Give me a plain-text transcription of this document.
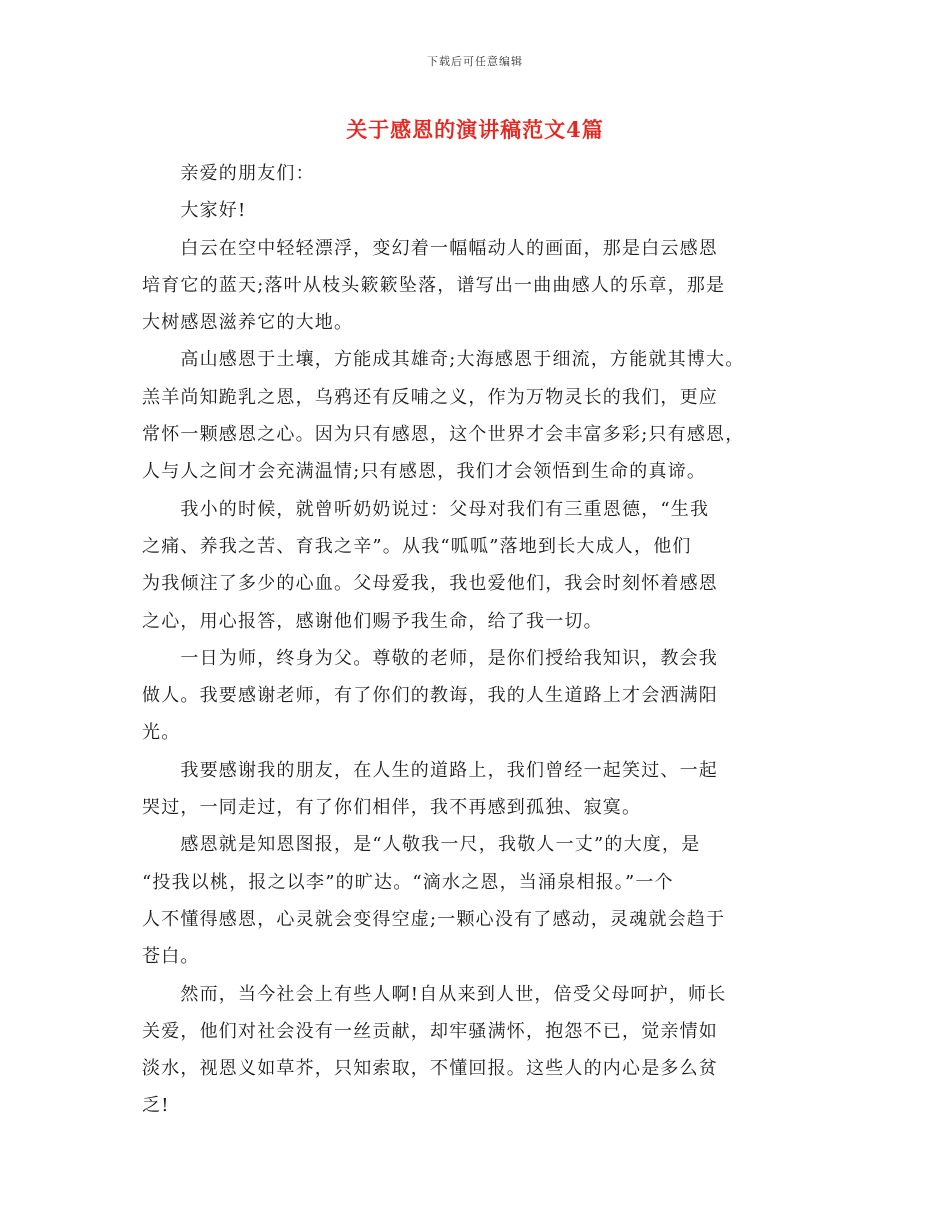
下载后可任意编辑
关于感恩的演讲稿范文4篇
　　亲爱的朋友们：
　　大家好!
　　白云在空中轻轻漂浮，变幻着一幅幅动人的画面，那是白云感恩
培育它的蓝天;落叶从枝头簌簌坠落，谱写出一曲曲感人的乐章，那是
大树感恩滋养它的大地。
　　高山感恩于土壤，方能成其雄奇;大海感恩于细流，方能就其博大。
羔羊尚知跪乳之恩，乌鸦还有反哺之义，作为万物灵长的我们，更应
常怀一颗感恩之心。因为只有感恩，这个世界才会丰富多彩;只有感恩，
人与人之间才会充满温情;只有感恩，我们才会领悟到生命的真谛。
　　我小的时候，就曾听奶奶说过：父母对我们有三重恩德，“生我
之痛、养我之苦、育我之辛”。从我“呱呱”落地到长大成人，他们
为我倾注了多少的心血。父母爱我，我也爱他们，我会时刻怀着感恩
之心，用心报答，感谢他们赐予我生命，给了我一切。
　　一日为师，终身为父。尊敬的老师，是你们授给我知识，教会我
做人。我要感谢老师，有了你们的教诲，我的人生道路上才会洒满阳
光。
　　我要感谢我的朋友，在人生的道路上，我们曾经一起笑过、一起
哭过，一同走过，有了你们相伴，我不再感到孤独、寂寞。
　　感恩就是知恩图报，是“人敬我一尺，我敬人一丈”的大度，是
“投我以桃，报之以李”的旷达。“滴水之恩，当涌泉相报。”一个
人不懂得感恩，心灵就会变得空虚;一颗心没有了感动，灵魂就会趋于
苍白。
　　然而，当今社会上有些人啊!自从来到人世，倍受父母呵护，师长
关爱，他们对社会没有一丝贡献，却牢骚满怀，抱怨不已，觉亲情如
淡水，视恩义如草芥，只知索取，不懂回报。这些人的内心是多么贫
乏!
